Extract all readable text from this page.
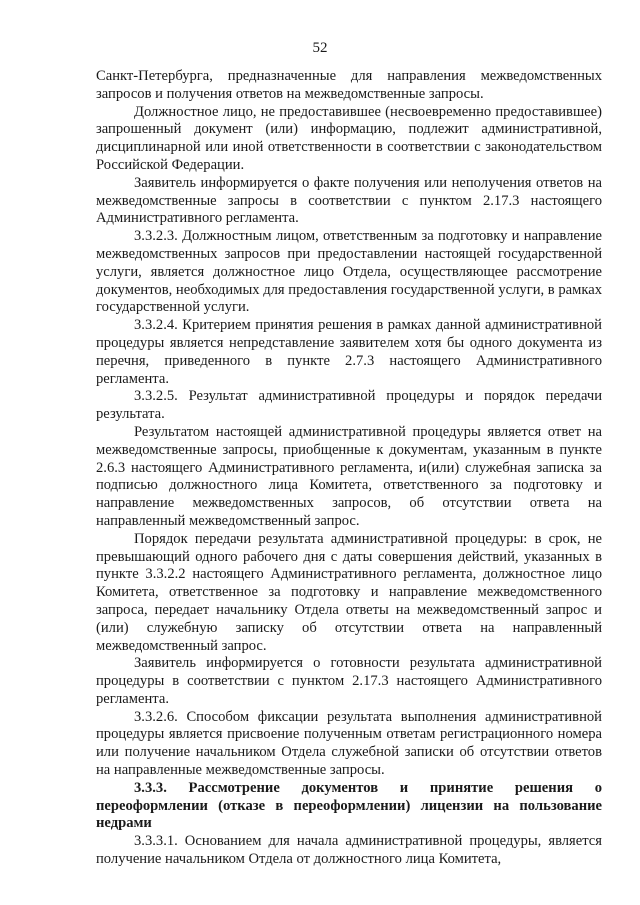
52

Санкт-Петербурга, предназначенные для направления межведомственных запросов и получения ответов на межведомственные запросы.

Должностное лицо, не предоставившее (несвоевременно предоставившее) запрошенный документ (или) информацию, подлежит административной, дисциплинарной или иной ответственности в соответствии с законодательством Российской Федерации.

Заявитель информируется о факте получения или неполучения ответов на межведомственные запросы в соответствии с пунктом 2.17.3 настоящего Административного регламента.

3.3.2.3. Должностным лицом, ответственным за подготовку и направление межведомственных запросов при предоставлении настоящей государственной услуги, является должностное лицо Отдела, осуществляющее рассмотрение документов, необходимых для предоставления государственной услуги, в рамках государственной услуги.

3.3.2.4. Критерием принятия решения в рамках данной административной процедуры является непредставление заявителем хотя бы одного документа из перечня, приведенного в пункте 2.7.3 настоящего Административного регламента.

3.3.2.5. Результат административной процедуры и порядок передачи результата.

Результатом настоящей административной процедуры является ответ на межведомственные запросы, приобщенные к документам, указанным в пункте 2.6.3 настоящего Административного регламента, и(или) служебная записка за подписью должностного лица Комитета, ответственного за подготовку и направление межведомственных запросов, об отсутствии ответа на направленный межведомственный запрос.

Порядок передачи результата административной процедуры: в срок, не превышающий одного рабочего дня с даты совершения действий, указанных в пункте 3.3.2.2 настоящего Административного регламента, должностное лицо Комитета, ответственное за подготовку и направление межведомственного запроса, передает начальнику Отдела ответы на межведомственный запрос и (или) служебную записку об отсутствии ответа на направленный межведомственный запрос.

Заявитель информируется о готовности результата административной процедуры в соответствии с пунктом 2.17.3 настоящего Административного регламента.

3.3.2.6. Способом фиксации результата выполнения административной процедуры является присвоение полученным ответам регистрационного номера или получение начальником Отдела служебной записки об отсутствии ответов на направленные межведомственные запросы.

3.3.3. Рассмотрение документов и принятие решения о переоформлении (отказе в переоформлении) лицензии на пользование недрами

3.3.3.1. Основанием для начала административной процедуры, является получение начальником Отдела от должностного лица Комитета,
